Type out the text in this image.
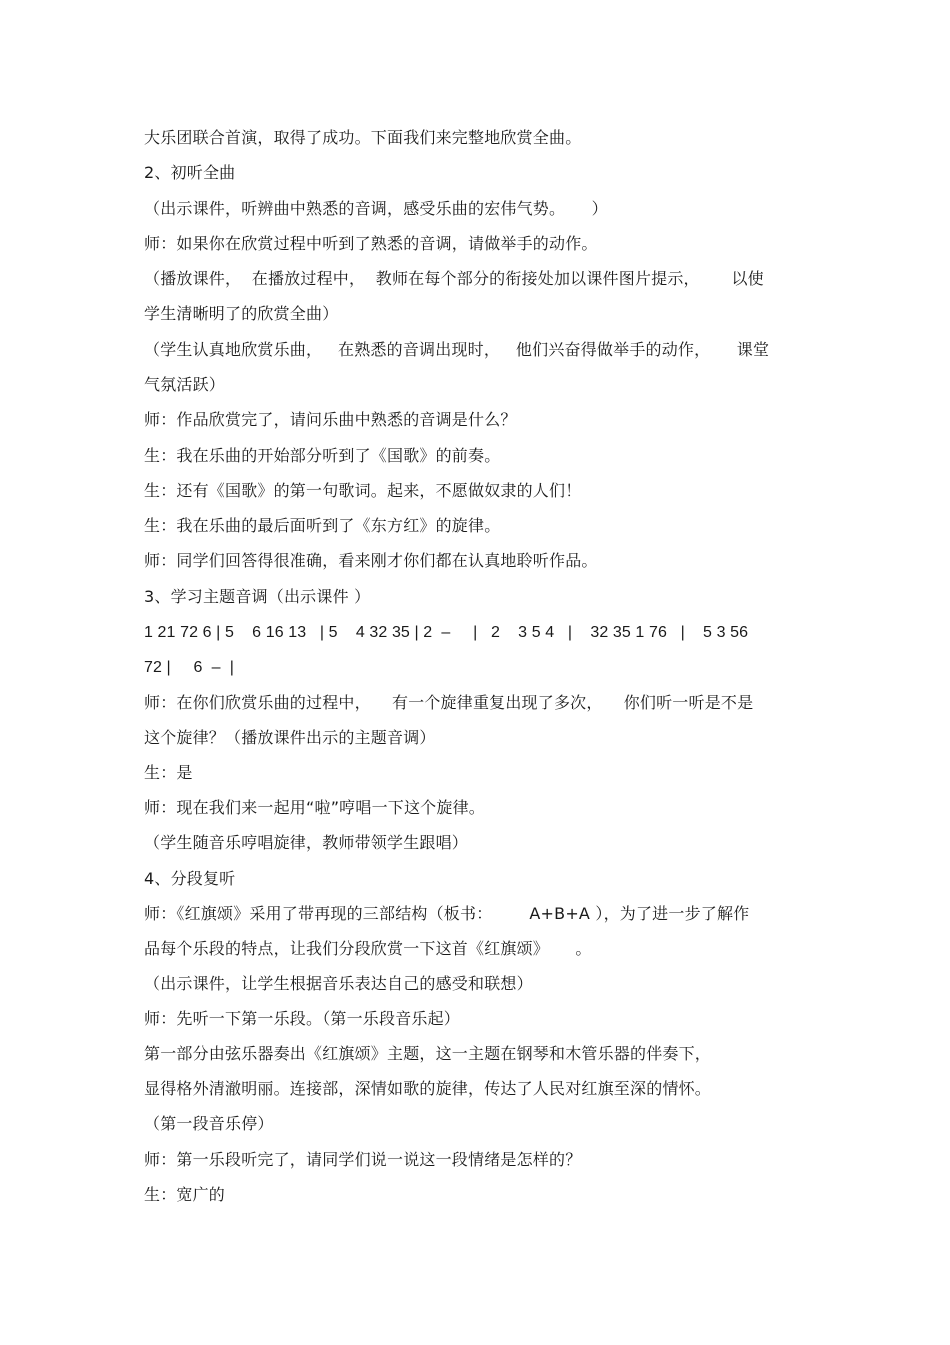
大乐团联合首演，取得了成功。下面我们来完整地欣赏全曲。
2、初听全曲
（出示课件，听辨曲中熟悉的音调，感受乐曲的宏伟气势。     ）
师：如果你在欣赏过程中听到了熟悉的音调，请做举手的动作。
（播放课件，  在播放过程中，  教师在每个部分的衔接处加以课件图片提示，      以使
学生清晰明了的欣赏全曲）
（学生认真地欣赏乐曲，   在熟悉的音调出现时，   他们兴奋得做举手的动作，     课堂
气氛活跃）
师：作品欣赏完了，请问乐曲中熟悉的音调是什么？
生：我在乐曲的开始部分听到了《国歌》的前奏。
生：还有《国歌》的第一句歌词。起来，不愿做奴隶的人们！
生：我在乐曲的最后面听到了《东方红》的旋律。
师：同学们回答得很准确，看来刚才你们都在认真地聆听作品。
3、学习主题音调（出示课件 ）
1 21 72 6 | 5    6 16 13   | 5    4 32 35 | 2  –     |   2    3 5 4   |    32 35 1 76   |    5 3 56
72 |     6  –  |
师：在你们欣赏乐曲的过程中，    有一个旋律重复出现了多次，    你们听一听是不是
这个旋律？（播放课件出示的主题音调）
生：是
师：现在我们来一起用“啦”哼唱一下这个旋律。
（学生随音乐哼唱旋律，教师带领学生跟唱）
4、分段复听
师：《红旗颂》采用了带再现的三部结构（板书：       A+B+A ），为了进一步了解作
品每个乐段的特点，让我们分段欣赏一下这首《红旗颂》     。
（出示课件，让学生根据音乐表达自己的感受和联想）
师：先听一下第一乐段。（第一乐段音乐起）
第一部分由弦乐器奏出《红旗颂》主题，这一主题在钢琴和木管乐器的伴奏下，
显得格外清澈明丽。连接部，深情如歌的旋律，传达了人民对红旗至深的情怀。
（第一段音乐停）
师：第一乐段听完了，请同学们说一说这一段情绪是怎样的？
生：宽广的
